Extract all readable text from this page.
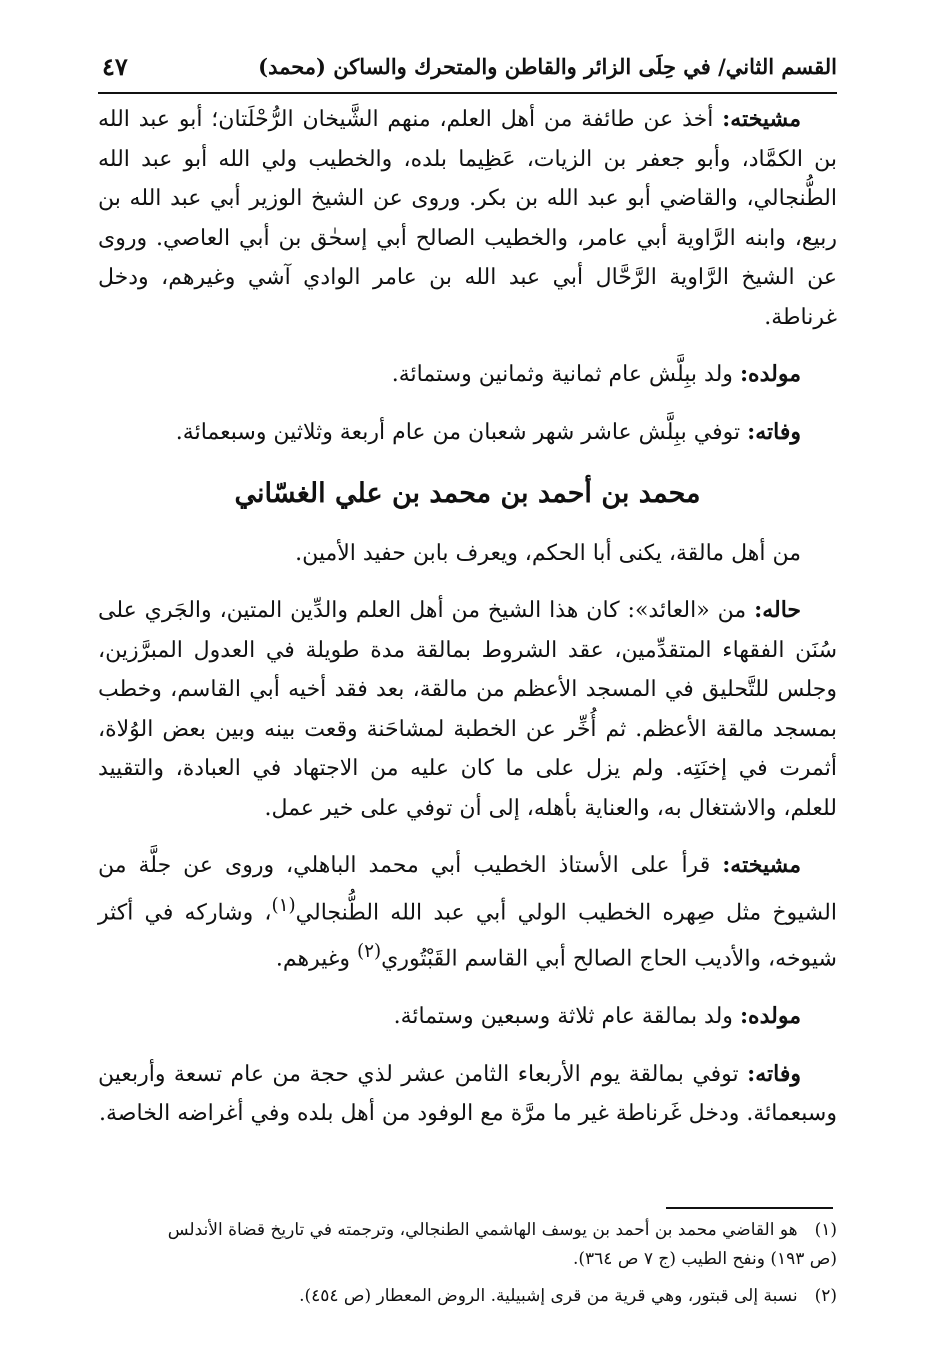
القسم الثاني/ في حِلَى الزائر والقاطن والمتحرك والساكن (محمد)
٤٧

مشيخته: أخذ عن طائفة من أهل العلم، منهم الشَّيخان الرُّحْلَتان؛ أبو عبد الله بن الكمَّاد، وأبو جعفر بن الزيات، عَظِيما بلده، والخطيب ولي الله أبو عبد الله الطُّنجالي، والقاضي أبو عبد الله بن بكر. وروى عن الشيخ الوزير أبي عبد الله بن ربيع، وابنه الرَّاوية أبي عامر، والخطيب الصالح أبي إسحٰق بن أبي العاصي. وروى عن الشيخ الرَّاوية الرَّحَّال أبي عبد الله بن عامر الوادي آشي وغيرهم، ودخل غرناطة.

مولده: ولد ببِلَّش عام ثمانية وثمانين وستمائة.

وفاته: توفي ببِلَّش عاشر شهر شعبان من عام أربعة وثلاثين وسبعمائة.

محمد بن أحمد بن محمد بن علي الغسّاني

من أهل مالقة، يكنى أبا الحكم، ويعرف بابن حفيد الأمين.

حاله: من «العائد»: كان هذا الشيخ من أهل العلم والدِّين المتين، والجَري على سُنَن الفقهاء المتقدِّمين، عقد الشروط بمالقة مدة طويلة في العدول المبرَّزين، وجلس للتَّحليق في المسجد الأعظم من مالقة، بعد فقد أخيه أبي القاسم، وخطب بمسجد مالقة الأعظم. ثم أُخِّر عن الخطبة لمشاحَنة وقعت بينه وبين بعض الوُلاة، أثمرت في إخنَتِه. ولم يزل على ما كان عليه من الاجتهاد في العبادة، والتقييد للعلم، والاشتغال به، والعناية بأهله، إلى أن توفي على خير عمل.

مشيخته: قرأ على الأستاذ الخطيب أبي محمد الباهلي، وروى عن جلَّة من الشيوخ مثل صِهره الخطيب الولي أبي عبد الله الطُّنجالي$^{(١)}$، وشاركه في أكثر شيوخه، والأديب الحاج الصالح أبي القاسم القَبْتُوري$^{(٢)}$ وغيرهم.

مولده: ولد بمالقة عام ثلاثة وسبعين وستمائة.

وفاته: توفي بمالقة يوم الأربعاء الثامن عشر لذي حجة من عام تسعة وأربعين وسبعمائة. ودخل غَرناطة غير ما مرَّة مع الوفود من أهل بلده وفي أغراضه الخاصة.

(١) هو القاضي محمد بن أحمد بن يوسف الهاشمي الطنجالي، وترجمته في تاريخ قضاة الأندلس

(ص ١٩٣) ونفح الطيب (ج ٧ ص ٣٦٤).

(٢) نسبة إلى قبتور، وهي قرية من قرى إشبيلية. الروض المعطار (ص ٤٥٤).
